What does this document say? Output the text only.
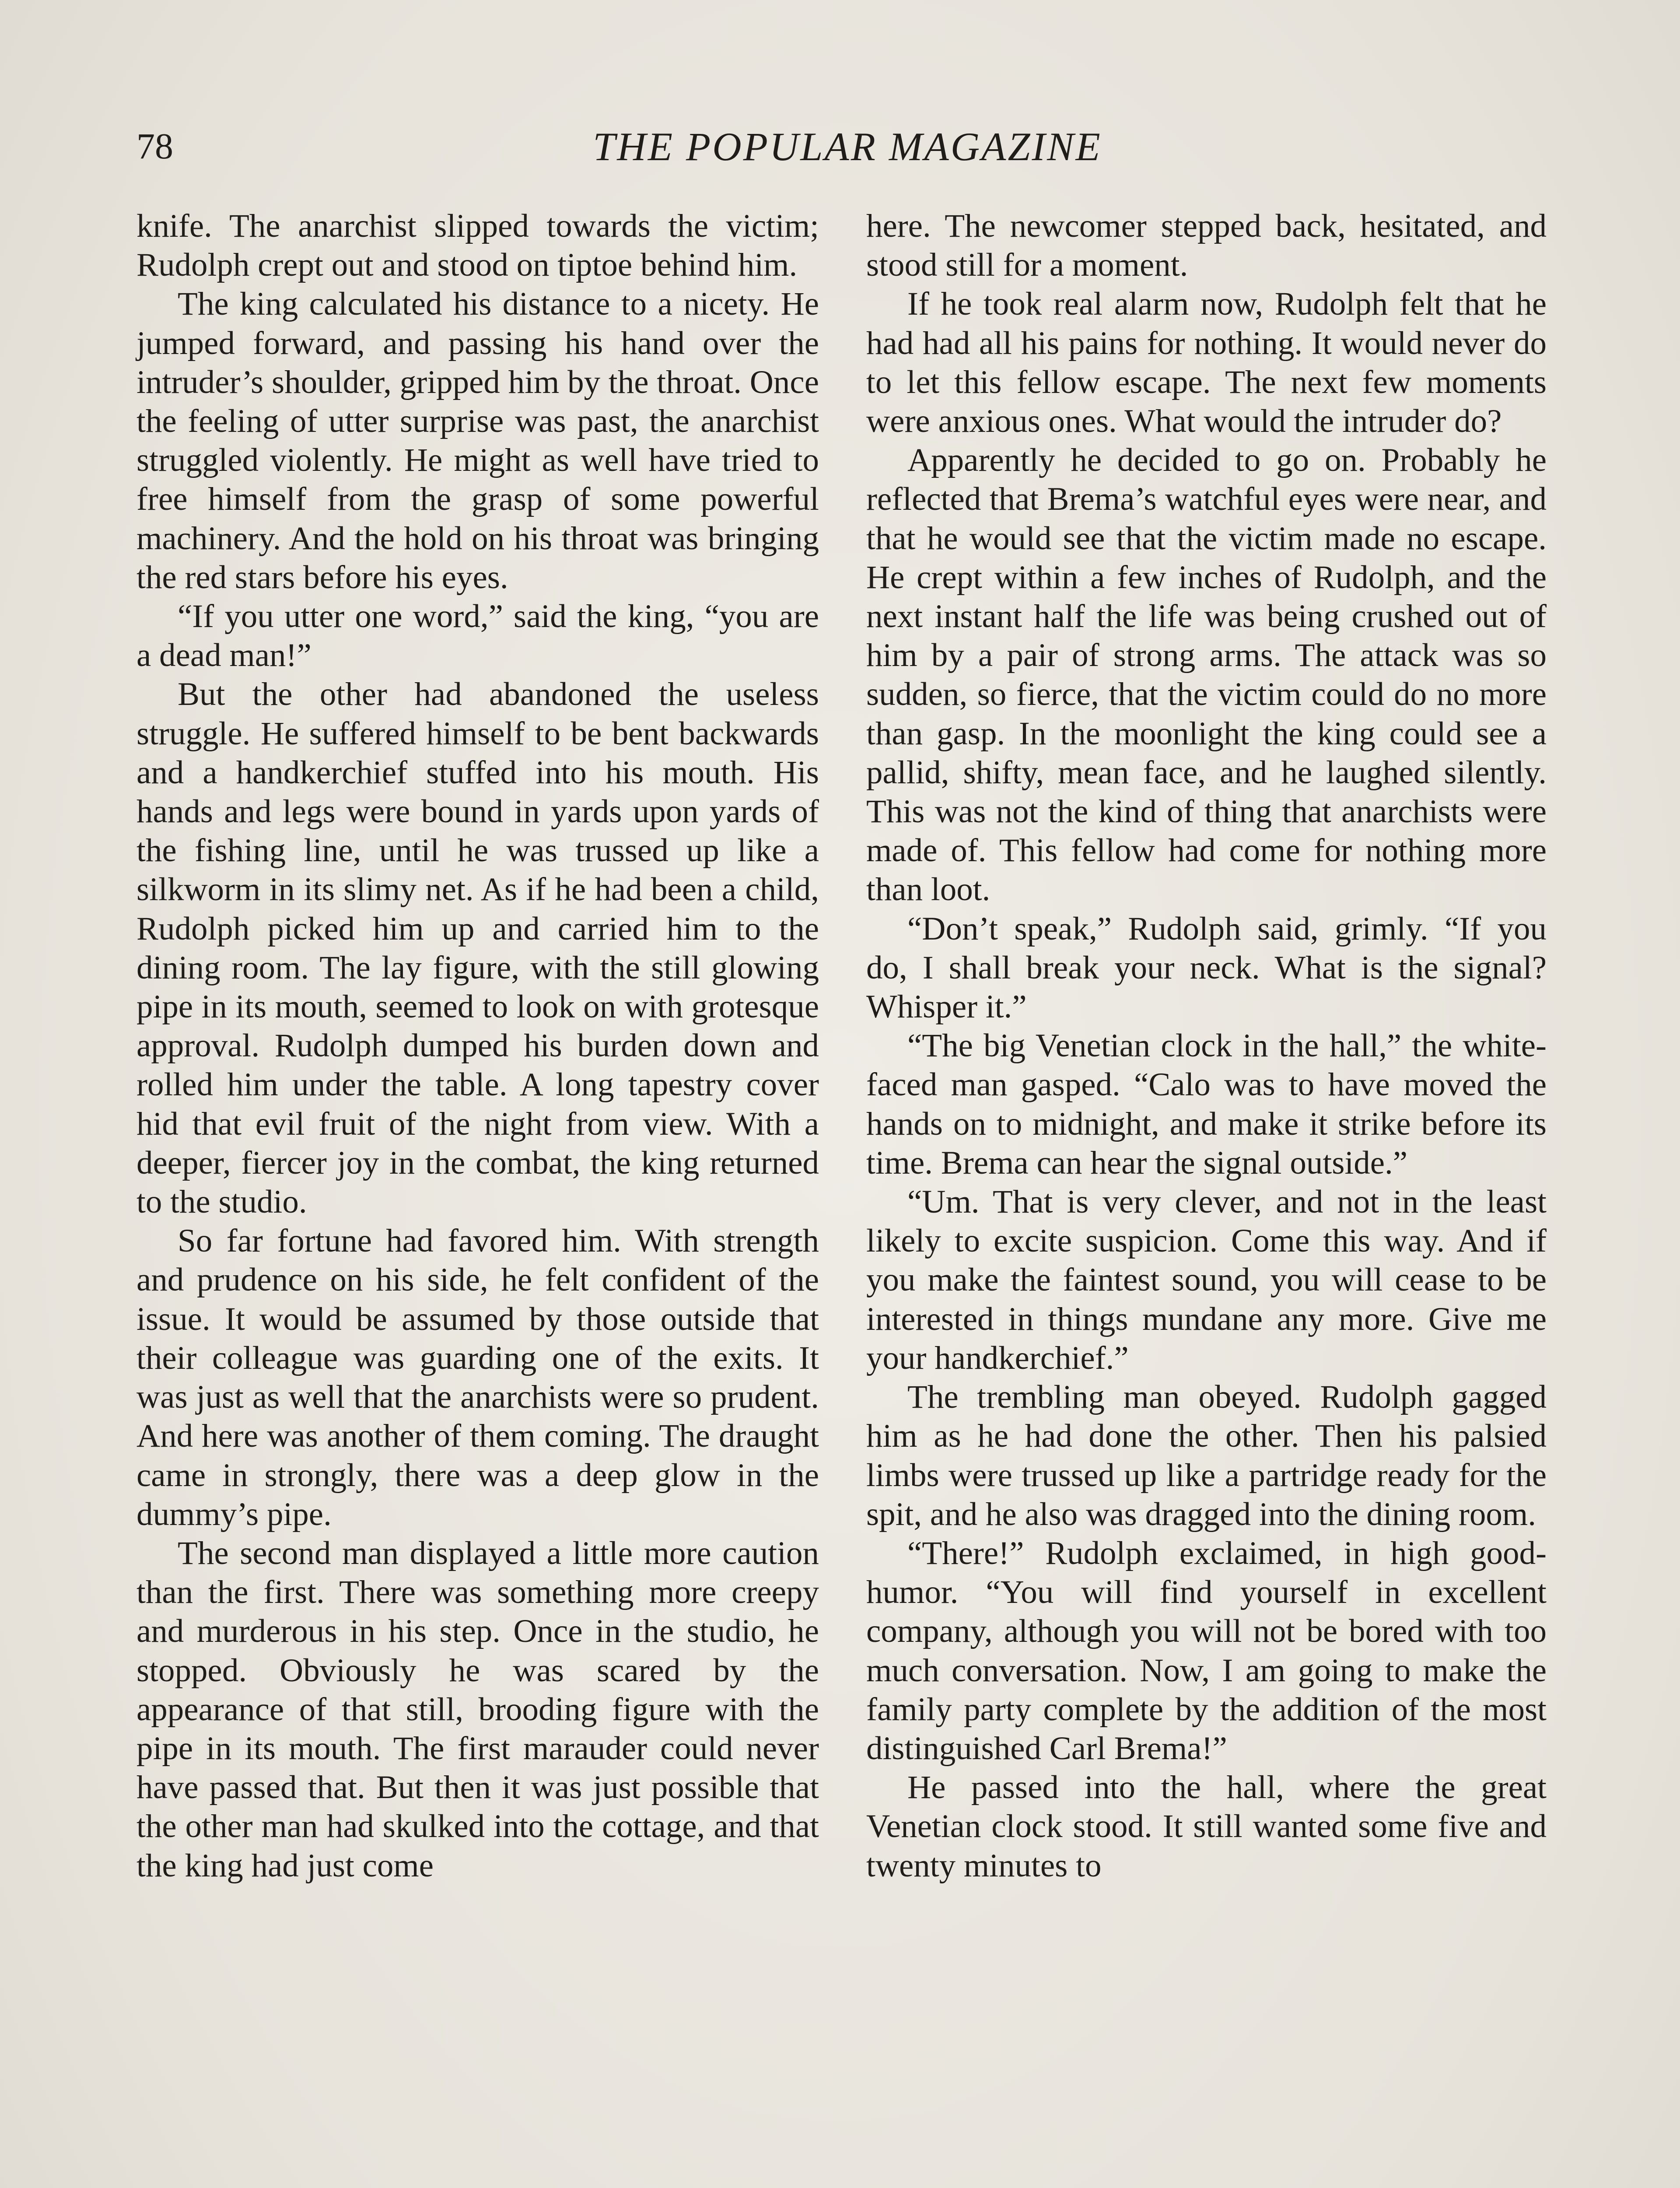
78	THE POPULAR MAGAZINE

knife. The anarchist slipped towards the victim; Rudolph crept out and stood on tiptoe behind him.

The king calculated his distance to a nicety. He jumped forward, and passing his hand over the intruder’s shoulder, gripped him by the throat. Once the feeling of utter surprise was past, the anarchist struggled violently. He might as well have tried to free himself from the grasp of some powerful machinery. And the hold on his throat was bringing the red stars before his eyes.

“If you utter one word,” said the king, “you are a dead man!”

But the other had abandoned the useless struggle. He suffered himself to be bent backwards and a handkerchief stuffed into his mouth. His hands and legs were bound in yards upon yards of the fishing line, until he was trussed up like a silkworm in its slimy net. As if he had been a child, Rudolph picked him up and carried him to the dining room. The lay figure, with the still glowing pipe in its mouth, seemed to look on with grotesque approval. Rudolph dumped his burden down and rolled him under the table. A long tapestry cover hid that evil fruit of the night from view. With a deeper, fiercer joy in the combat, the king returned to the studio.

So far fortune had favored him. With strength and prudence on his side, he felt confident of the issue. It would be assumed by those outside that their colleague was guarding one of the exits. It was just as well that the anarchists were so prudent. And here was another of them coming. The draught came in strongly, there was a deep glow in the dummy’s pipe.

The second man displayed a little more caution than the first. There was something more creepy and murderous in his step. Once in the studio, he stopped. Obviously he was scared by the appearance of that still, brooding figure with the pipe in its mouth. The first marauder could never have passed that. But then it was just possible that the other man had skulked into the cottage, and that the king had just come

here. The newcomer stepped back, hesitated, and stood still for a moment.

If he took real alarm now, Rudolph felt that he had had all his pains for nothing. It would never do to let this fellow escape. The next few moments were anxious ones. What would the intruder do?

Apparently he decided to go on. Probably he reflected that Brema’s watchful eyes were near, and that he would see that the victim made no escape. He crept within a few inches of Rudolph, and the next instant half the life was being crushed out of him by a pair of strong arms. The attack was so sudden, so fierce, that the victim could do no more than gasp. In the moonlight the king could see a pallid, shifty, mean face, and he laughed silently. This was not the kind of thing that anarchists were made of. This fellow had come for nothing more than loot.

“Don’t speak,” Rudolph said, grimly. “If you do, I shall break your neck. What is the signal? Whisper it.”

“The big Venetian clock in the hall,” the white-faced man gasped. “Calo was to have moved the hands on to midnight, and make it strike before its time. Brema can hear the signal outside.”

“Um. That is very clever, and not in the least likely to excite suspicion. Come this way. And if you make the faintest sound, you will cease to be interested in things mundane any more. Give me your handkerchief.”

The trembling man obeyed. Rudolph gagged him as he had done the other. Then his palsied limbs were trussed up like a partridge ready for the spit, and he also was dragged into the dining room.

“There!” Rudolph exclaimed, in high good-humor. “You will find yourself in excellent company, although you will not be bored with too much conversation. Now, I am going to make the family party complete by the addition of the most distinguished Carl Brema!”

He passed into the hall, where the great Venetian clock stood. It still wanted some five and twenty minutes to
